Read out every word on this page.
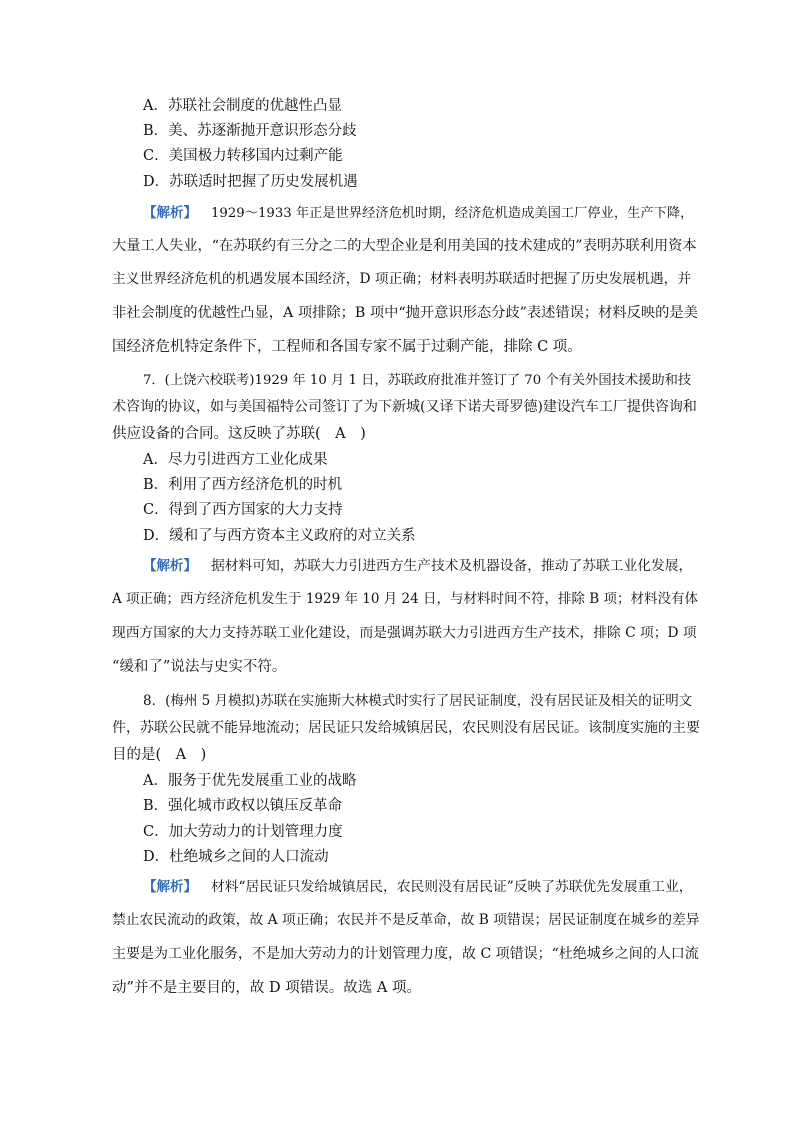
A．苏联社会制度的优越性凸显
B．美、苏逐渐抛开意识形态分歧
C．美国极力转移国内过剩产能
D．苏联适时把握了历史发展机遇
【解析】 1929～1933 年正是世界经济危机时期，经济危机造成美国工厂停业，生产下降，
大量工人失业，“在苏联约有三分之二的大型企业是利用美国的技术建成的”表明苏联利用资本
主义世界经济危机的机遇发展本国经济，D 项正确；材料表明苏联适时把握了历史发展机遇，并
非社会制度的优越性凸显，A 项排除；B 项中“抛开意识形态分歧”表述错误；材料反映的是美
国经济危机特定条件下，工程师和各国专家不属于过剩产能，排除 C 项。
7．(上饶六校联考)1929 年 10 月 1 日，苏联政府批准并签订了 70 个有关外国技术援助和技
术咨询的协议，如与美国福特公司签订了为下新城(又译下诺夫哥罗德)建设汽车工厂提供咨询和
供应设备的合同。这反映了苏联(　A　)
A．尽力引进西方工业化成果
B．利用了西方经济危机的时机
C．得到了西方国家的大力支持
D．缓和了与西方资本主义政府的对立关系
【解析】 据材料可知，苏联大力引进西方生产技术及机器设备，推动了苏联工业化发展，
A 项正确；西方经济危机发生于 1929 年 10 月 24 日，与材料时间不符，排除 B 项；材料没有体
现西方国家的大力支持苏联工业化建设，而是强调苏联大力引进西方生产技术，排除 C 项；D 项
“缓和了”说法与史实不符。
8．(梅州 5 月模拟)苏联在实施斯大林模式时实行了居民证制度，没有居民证及相关的证明文
件，苏联公民就不能异地流动；居民证只发给城镇居民，农民则没有居民证。该制度实施的主要
目的是(　A　)
A．服务于优先发展重工业的战略
B．强化城市政权以镇压反革命
C．加大劳动力的计划管理力度
D．杜绝城乡之间的人口流动
【解析】 材料“居民证只发给城镇居民，农民则没有居民证”反映了苏联优先发展重工业，
禁止农民流动的政策，故 A 项正确；农民并不是反革命，故 B 项错误；居民证制度在城乡的差异
主要是为工业化服务，不是加大劳动力的计划管理力度，故 C 项错误；“杜绝城乡之间的人口流
动”并不是主要目的，故 D 项错误。故选 A 项。
